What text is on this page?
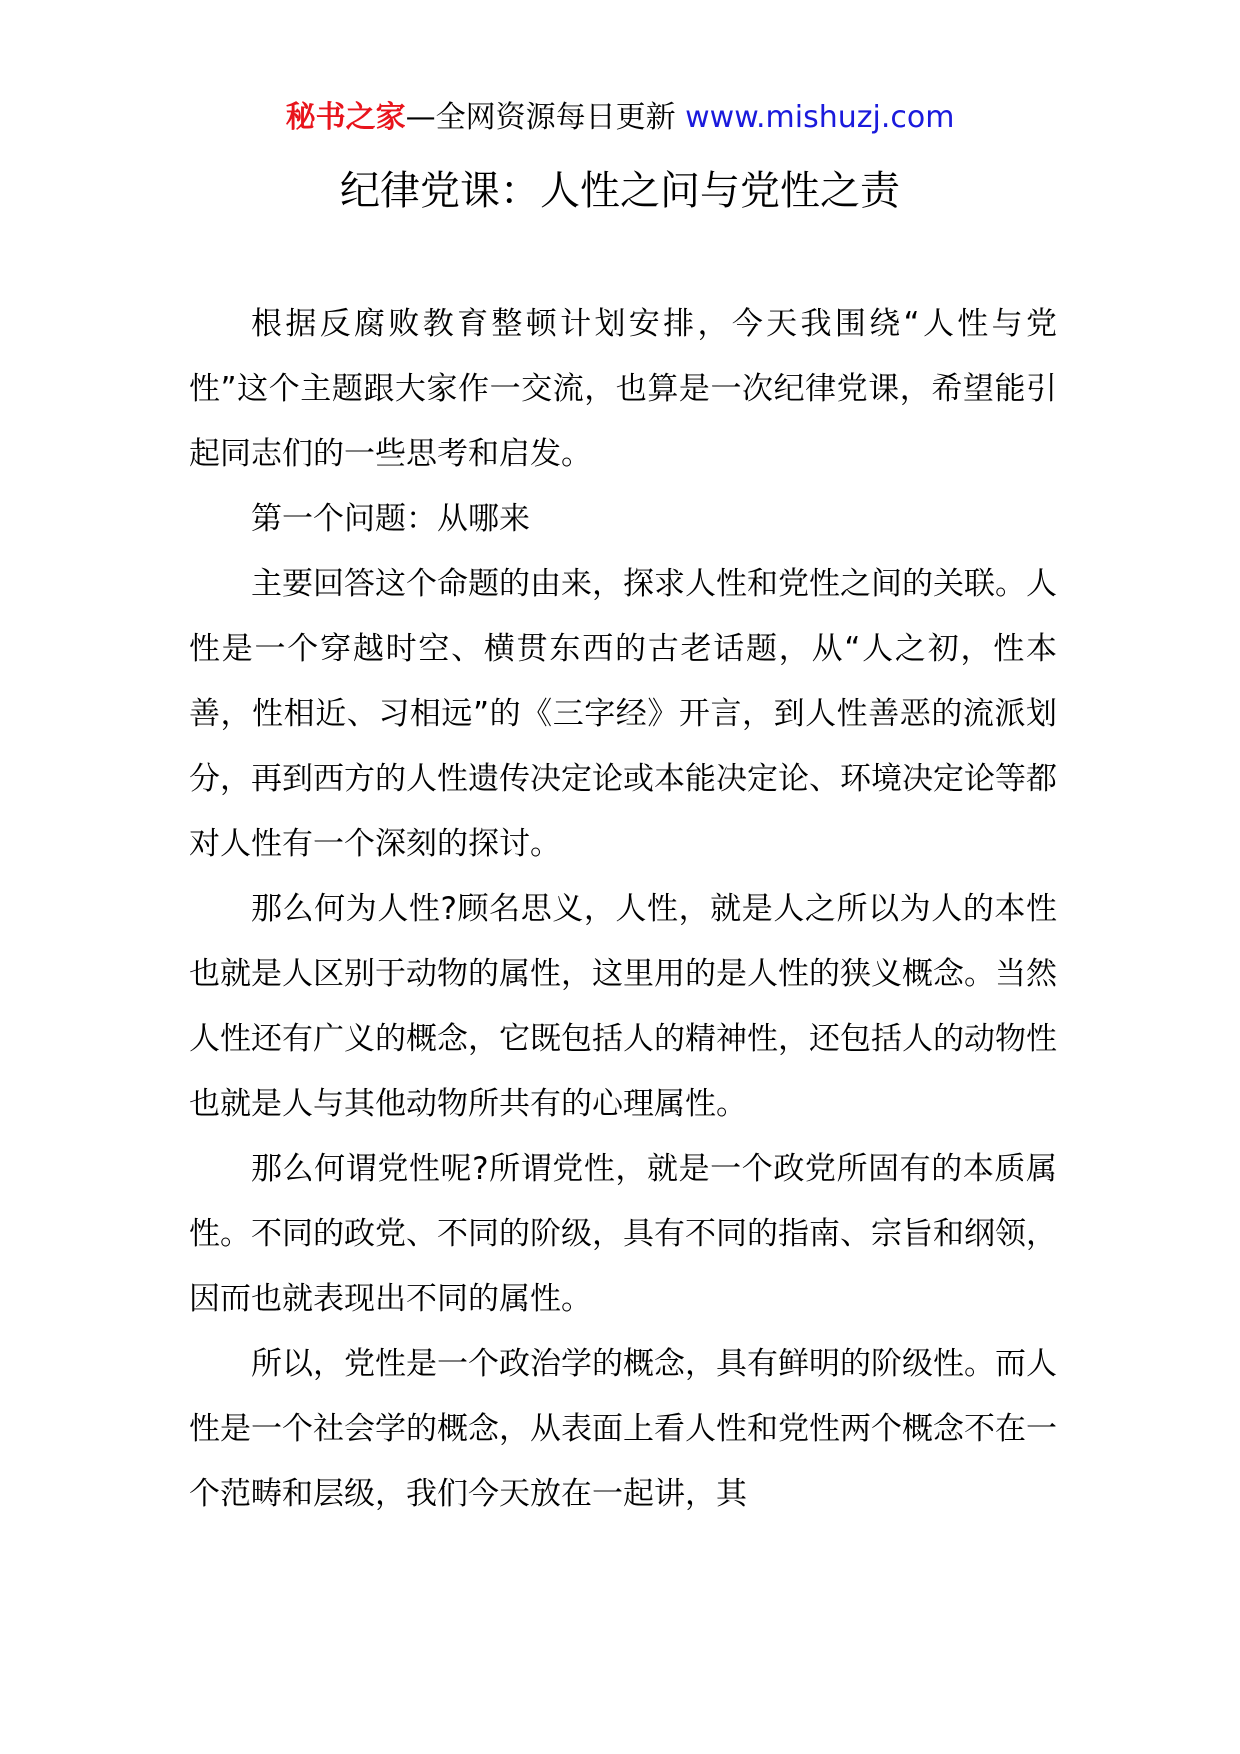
秘书之家—全网资源每日更新 www.mishuzj.com
纪律党课：人性之问与党性之责

根据反腐败教育整顿计划安排，今天我围绕“人性与党性”这个主题跟大家作一交流，也算是一次纪律党课，希望能引起同志们的一些思考和启发。

第一个问题：从哪来

主要回答这个命题的由来，探求人性和党性之间的关联。人性是一个穿越时空、横贯东西的古老话题，从“人之初，性本善，性相近、习相远”的《三字经》开言，到人性善恶的流派划分，再到西方的人性遗传决定论或本能决定论、环境决定论等都对人性有一个深刻的探讨。

那么何为人性?顾名思义，人性，就是人之所以为人的本性也就是人区别于动物的属性，这里用的是人性的狭义概念。当然人性还有广义的概念，它既包括人的精神性，还包括人的动物性也就是人与其他动物所共有的心理属性。

那么何谓党性呢?所谓党性，就是一个政党所固有的本质属性。不同的政党、不同的阶级，具有不同的指南、宗旨和纲领，因而也就表现出不同的属性。

所以，党性是一个政治学的概念，具有鲜明的阶级性。而人性是一个社会学的概念，从表面上看人性和党性两个概念不在一个范畴和层级，我们今天放在一起讲，其
